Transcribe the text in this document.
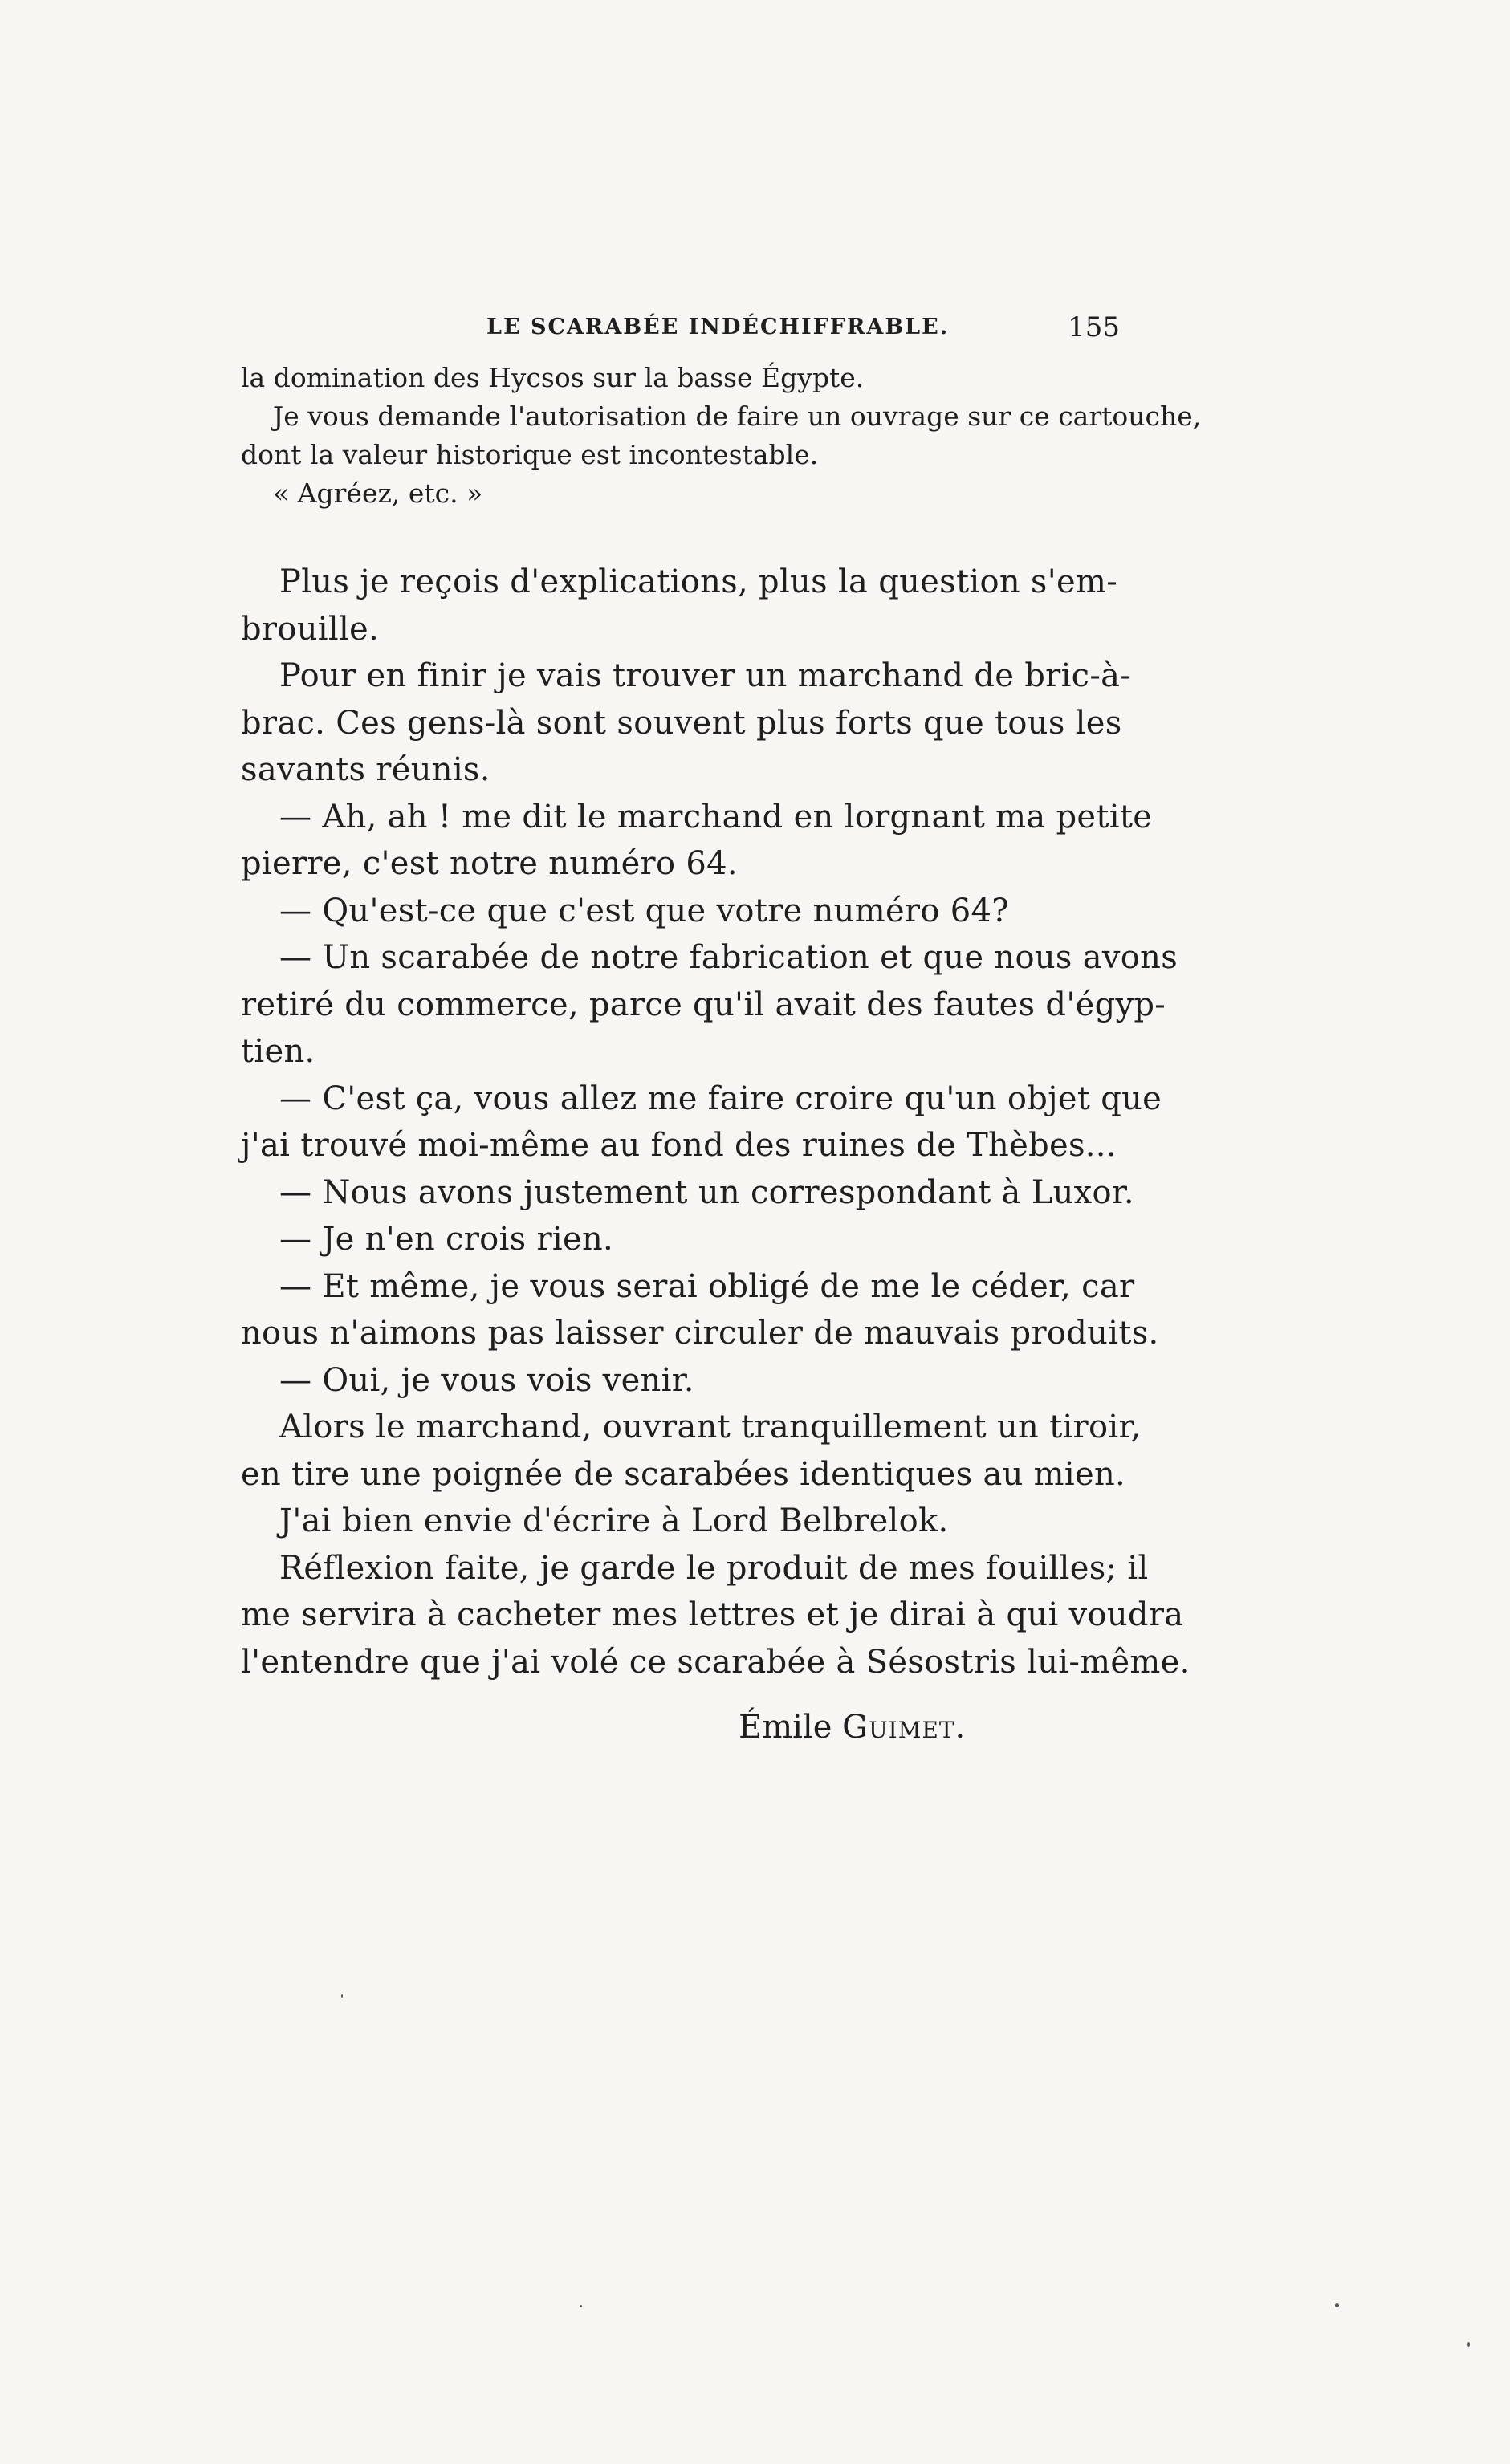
LE SCARABÉE INDÉCHIFFRABLE.	155

la domination des Hycsos sur la basse Égypte.

Je vous demande l'autorisation de faire un ouvrage sur ce cartouche,

dont la valeur historique est incontestable.

« Agréez, etc. »

Plus je reçois d'explications, plus la question s'em-

brouille.

Pour en finir je vais trouver un marchand de bric-à-

brac. Ces gens-là sont souvent plus forts que tous les

savants réunis.

— Ah, ah ! me dit le marchand en lorgnant ma petite

pierre, c'est notre numéro 64.

— Qu'est-ce que c'est que votre numéro 64?

— Un scarabée de notre fabrication et que nous avons

retiré du commerce, parce qu'il avait des fautes d'égyp-

tien.

— C'est ça, vous allez me faire croire qu'un objet que

j'ai trouvé moi-même au fond des ruines de Thèbes...

— Nous avons justement un correspondant à Luxor.

— Je n'en crois rien.

— Et même, je vous serai obligé de me le céder, car

nous n'aimons pas laisser circuler de mauvais produits.

— Oui, je vous vois venir.

Alors le marchand, ouvrant tranquillement un tiroir,

en tire une poignée de scarabées identiques au mien.

J'ai bien envie d'écrire à Lord Belbrelok.

Réflexion faite, je garde le produit de mes fouilles; il

me servira à cacheter mes lettres et je dirai à qui voudra

l'entendre que j'ai volé ce scarabée à Sésostris lui-même.

Émile Guimet.
